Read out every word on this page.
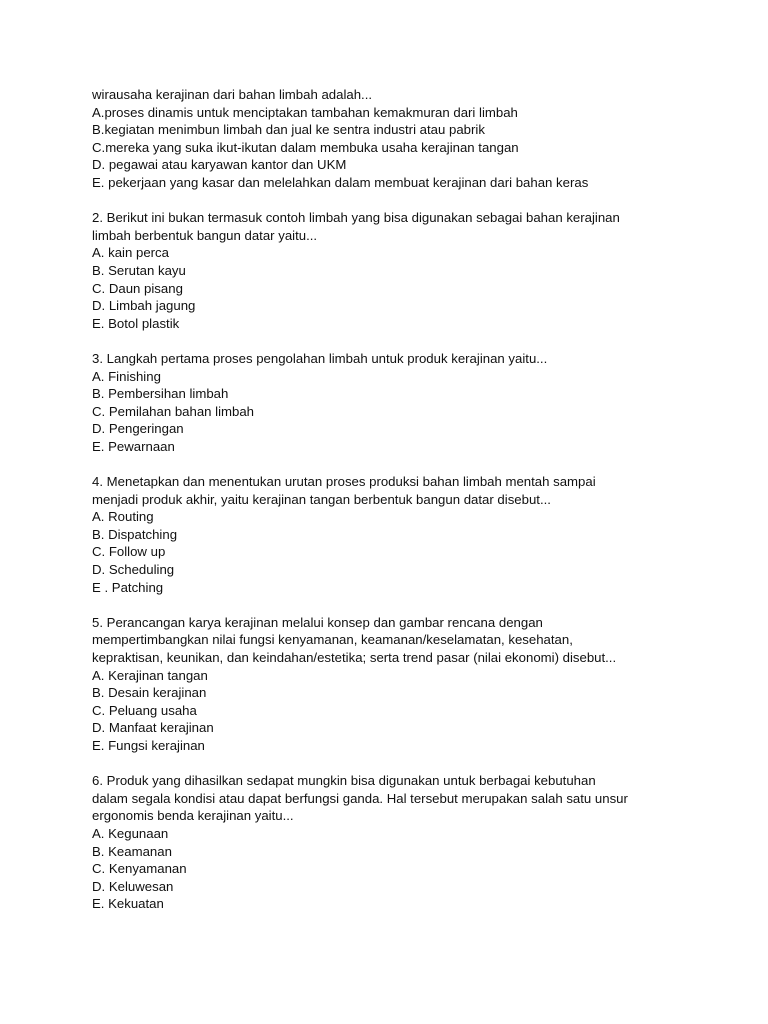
wirausaha kerajinan dari bahan limbah adalah...
A.proses dinamis untuk menciptakan tambahan kemakmuran dari limbah
B.kegiatan menimbun limbah dan jual ke sentra industri atau pabrik
C.mereka yang suka ikut-ikutan dalam membuka usaha kerajinan tangan
D. pegawai atau karyawan kantor dan UKM
E. pekerjaan yang kasar dan melelahkan dalam membuat kerajinan dari bahan keras
2. Berikut ini bukan termasuk contoh limbah yang bisa digunakan sebagai bahan kerajinan
limbah berbentuk bangun datar yaitu...
A. kain perca
B. Serutan kayu
C. Daun pisang
D. Limbah jagung
E. Botol plastik
3. Langkah pertama proses pengolahan limbah untuk produk kerajinan yaitu...
A. Finishing
B. Pembersihan limbah
C. Pemilahan bahan limbah
D. Pengeringan
E. Pewarnaan
4. Menetapkan dan menentukan urutan proses produksi bahan limbah mentah sampai
menjadi produk akhir, yaitu kerajinan tangan berbentuk bangun datar disebut...
A. Routing
B. Dispatching
C. Follow up
D. Scheduling
E . Patching
5. Perancangan karya kerajinan melalui konsep dan gambar rencana dengan
mempertimbangkan nilai fungsi kenyamanan, keamanan/keselamatan, kesehatan,
kepraktisan, keunikan, dan keindahan/estetika; serta trend pasar (nilai ekonomi) disebut...
A. Kerajinan tangan
B. Desain kerajinan
C. Peluang usaha
D. Manfaat kerajinan
E. Fungsi kerajinan
6. Produk yang dihasilkan sedapat mungkin bisa digunakan untuk berbagai kebutuhan
dalam segala kondisi atau dapat berfungsi ganda. Hal tersebut merupakan salah satu unsur
ergonomis benda kerajinan yaitu...
A. Kegunaan
B. Keamanan
C. Kenyamanan
D. Keluwesan
E. Kekuatan
